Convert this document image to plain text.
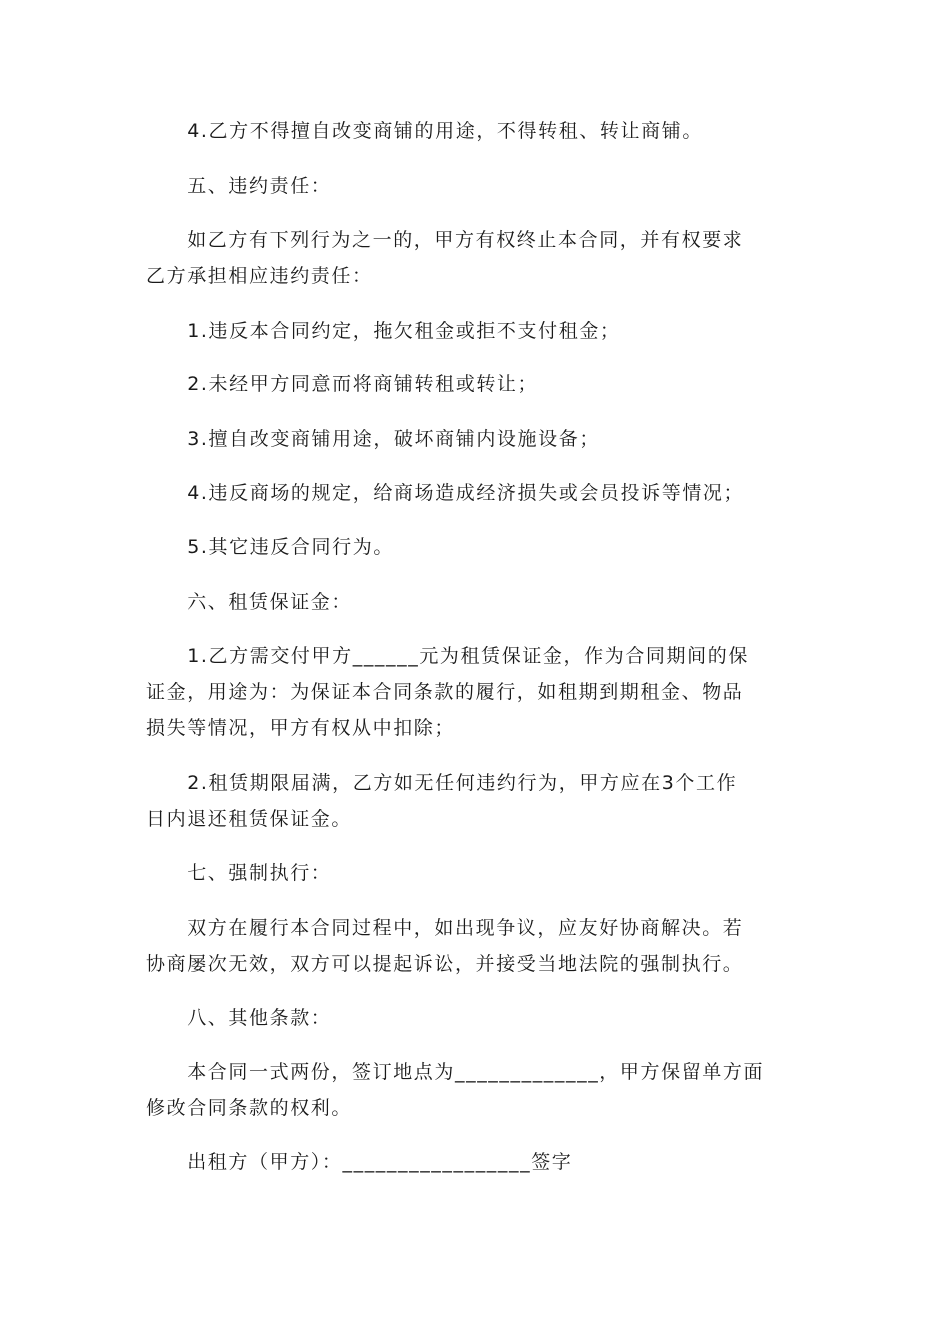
　　4.乙方不得擅自改变商铺的用途，不得转租、转让商铺。

　　五、违约责任：

　　如乙方有下列行为之一的，甲方有权终止本合同，并有权要求
乙方承担相应违约责任：

　　1.违反本合同约定，拖欠租金或拒不支付租金；

　　2.未经甲方同意而将商铺转租或转让；

　　3.擅自改变商铺用途，破坏商铺内设施设备；

　　4.违反商场的规定，给商场造成经济损失或会员投诉等情况；

　　5.其它违反合同行为。

　　六、租赁保证金：

　　1.乙方需交付甲方______元为租赁保证金，作为合同期间的保
证金，用途为：为保证本合同条款的履行，如租期到期租金、物品
损失等情况，甲方有权从中扣除；

　　2.租赁期限届满，乙方如无任何违约行为，甲方应在3个工作
日内退还租赁保证金。

　　七、强制执行：

　　双方在履行本合同过程中，如出现争议，应友好协商解决。若
协商屡次无效，双方可以提起诉讼，并接受当地法院的强制执行。

　　八、其他条款：

　　本合同一式两份，签订地点为_____________，甲方保留单方面
修改合同条款的权利。

　　出租方（甲方）：_________________签字
